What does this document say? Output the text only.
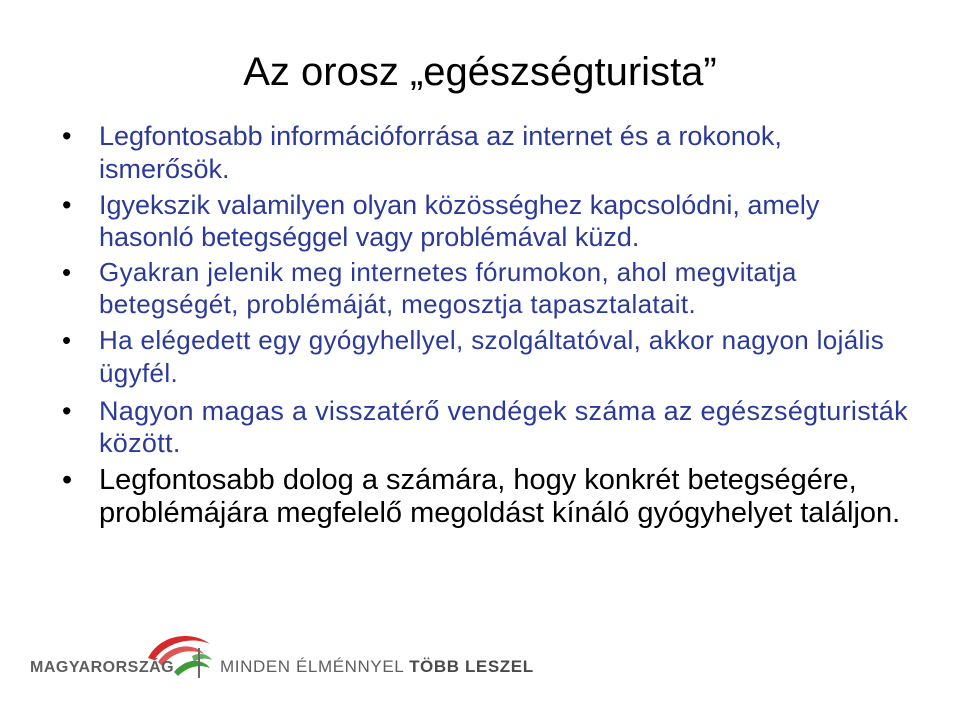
Az orosz „egészségturista”
• Legfontosabb információforrása az internet és a rokonok, ismerősök.
• Igyekszik valamilyen olyan közösséghez kapcsolódni, amely hasonló betegséggel vagy problémával küzd.
• Gyakran jelenik meg internetes fórumokon, ahol megvitatja betegségét, problémáját, megosztja tapasztalatait.
• Ha elégedett egy gyógyhellyel, szolgáltatóval, akkor nagyon lojális ügyfél.
• Nagyon magas a visszatérő vendégek száma az egészségturisták között.
• Legfontosabb dolog a számára, hogy konkrét betegségére, problémájára megfelelő megoldást kínáló gyógyhelyet találjon.
MAGYARORSZÁG	MINDEN ÉLMÉNNYEL TÖBB LESZEL
